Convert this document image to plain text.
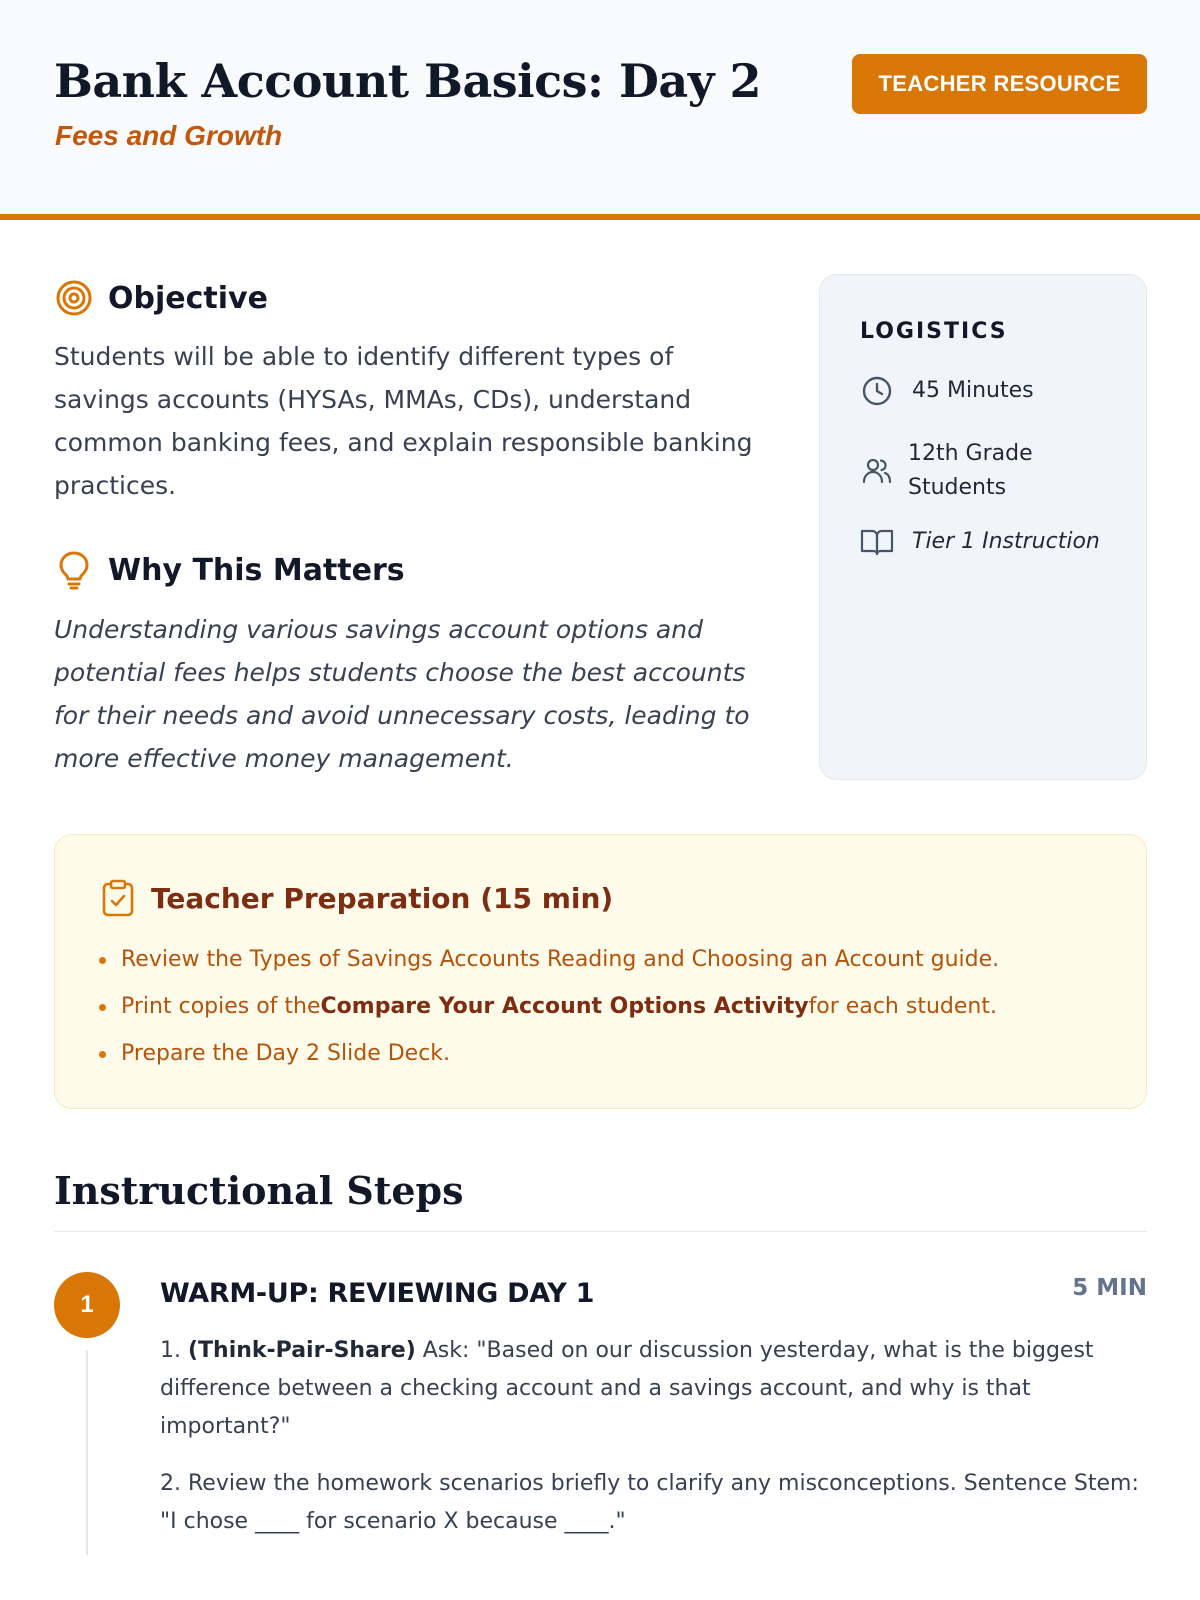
Bank Account Basics: Day 2
Fees and Growth
TEACHER RESOURCE
Objective

Students will be able to identify different types of savings accounts (HYSAs, MMAs, CDs), understand common banking fees, and explain responsible banking practices.

Why This Matters

Understanding various savings account options and potential fees helps students choose the best accounts for their needs and avoid unnecessary costs, leading to more effective money management.

LOGISTICS
45 Minutes
12th Grade
Students
Tier 1 Instruction
Teacher Preparation (15 min)
Review the Types of Savings Accounts Reading and Choosing an Account guide.
Print copies of theCompare Your Account Options Activityfor each student.
Prepare the Day 2 Slide Deck.
Instructional Steps
1	WARM-UP: REVIEWING DAY 1	5 MIN

1. (Think-Pair-Share) Ask: "Based on our discussion yesterday, what is the biggest difference between a checking account and a savings account, and why is that important?"

2. Review the homework scenarios briefly to clarify any misconceptions. Sentence Stem: "I chose ____ for scenario X because ____."
